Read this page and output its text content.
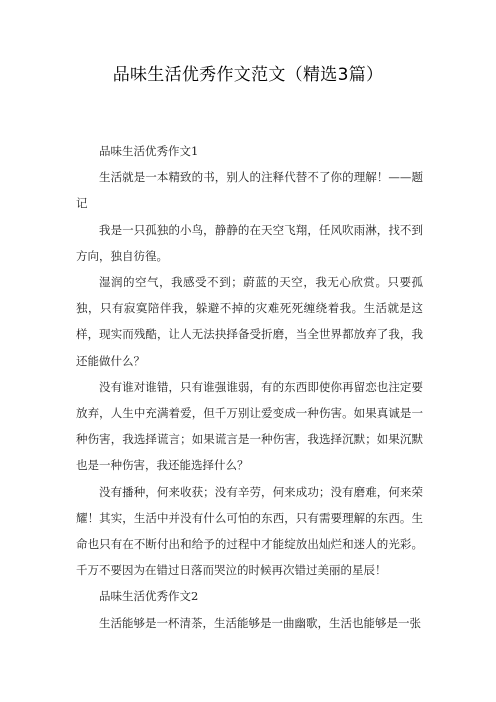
品味生活优秀作文范文（精选3篇）

品味生活优秀作文1

生活就是一本精致的书，别人的注释代替不了你的理解！——题记

我是一只孤独的小鸟，静静的在天空飞翔，任风吹雨淋，找不到方向，独自彷徨。

湿润的空气，我感受不到；蔚蓝的天空，我无心欣赏。只要孤独，只有寂寞陪伴我，躲避不掉的灾难死死缠绕着我。生活就是这样，现实而残酷，让人无法抉择备受折磨，当全世界都放弃了我，我还能做什么？

没有谁对谁错，只有谁强谁弱，有的东西即使你再留恋也注定要放弃，人生中充满着爱，但千万别让爱变成一种伤害。如果真诚是一种伤害，我选择谎言；如果谎言是一种伤害，我选择沉默；如果沉默也是一种伤害，我还能选择什么？

没有播种，何来收获；没有辛劳，何来成功；没有磨难，何来荣耀！其实，生活中并没有什么可怕的东西，只有需要理解的东西。生命也只有在不断付出和给予的过程中才能绽放出灿烂和迷人的光彩。千万不要因为在错过日落而哭泣的时候再次错过美丽的星辰！

品味生活优秀作文2

生活能够是一杯清茶，生活能够是一曲幽歌，生活也能够是一张
